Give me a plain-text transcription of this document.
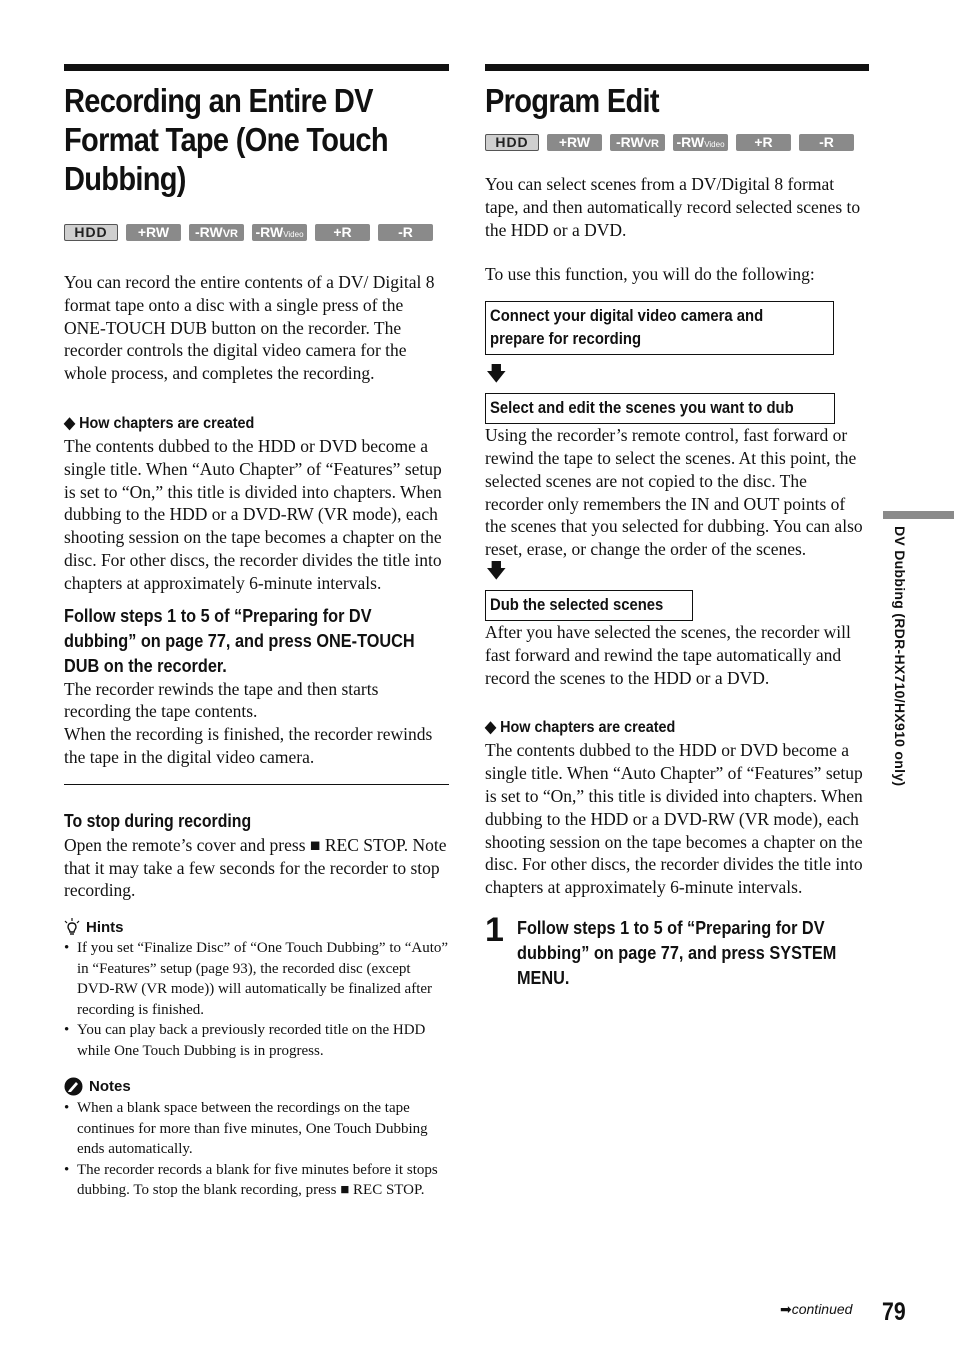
Recording an Entire DV
Format Tape (One Touch
Dubbing)
HDD	+RW	-RWVR	-RWVideo	+R	-R

You can record the entire contents of a DV/ Digital 8 format tape onto a disc with a single press of the ONE-TOUCH DUB button on the recorder. The recorder controls the digital video camera for the whole process, and completes the recording.

◆ How chapters are created

The contents dubbed to the HDD or DVD become a single title. When “Auto Chapter” of “Features” setup is set to “On,” this title is divided into chapters. When dubbing to the HDD or a DVD-RW (VR mode), each shooting session on the tape becomes a chapter on the disc. For other discs, the recorder divides the title into chapters at approximately 6-minute intervals.

Follow steps 1 to 5 of “Preparing for DV
dubbing” on page 77, and press ONE-TOUCH
DUB on the recorder.

The recorder rewinds the tape and then starts recording the tape contents.

When the recording is finished, the recorder rewinds the tape in the digital video camera.

To stop during recording

Open the remote’s cover and press ■ REC STOP. Note that it may take a few seconds for the recorder to stop recording.

Hints
• If you set “Finalize Disc” of “One Touch Dubbing” to “Auto” in “Features” setup (page 93), the recorded disc (except DVD-RW (VR mode)) will automatically be finalized after recording is finished.
• You can play back a previously recorded title on the HDD while One Touch Dubbing is in progress.
Notes
• When a blank space between the recordings on the tape continues for more than five minutes, One Touch Dubbing ends automatically.
• The recorder records a blank for five minutes before it stops dubbing. To stop the blank recording, press ■ REC STOP.
Program Edit
HDD	+RW	-RWVR	-RWVideo	+R	-R

You can select scenes from a DV/Digital 8 format tape, and then automatically record selected scenes to the HDD or a DVD.

To use this function, you will do the following:

Connect your digital video camera and
prepare for recording
🡇
Select and edit the scenes you want to dub

Using the recorder’s remote control, fast forward or rewind the tape to select the scenes. At this point, the selected scenes are not copied to the disc. The recorder only remembers the IN and OUT points of the scenes that you selected for dubbing. You can also reset, erase, or change the order of the scenes.

🡇
Dub the selected scenes

After you have selected the scenes, the recorder will fast forward and rewind the tape automatically and record the scenes to the HDD or a DVD.

◆ How chapters are created

The contents dubbed to the HDD or DVD become a single title. When “Auto Chapter” of “Features” setup is set to “On,” this title is divided into chapters. When dubbing to the HDD or a DVD-RW (VR mode), each shooting session on the tape becomes a chapter on the disc. For other discs, the recorder divides the title into chapters at approximately 6-minute intervals.

1 Follow steps 1 to 5 of “Preparing for DV
dubbing” on page 77, and press SYSTEM
MENU.
DV Dubbing (RDR-HX710/HX910 only)
➡continued 79
